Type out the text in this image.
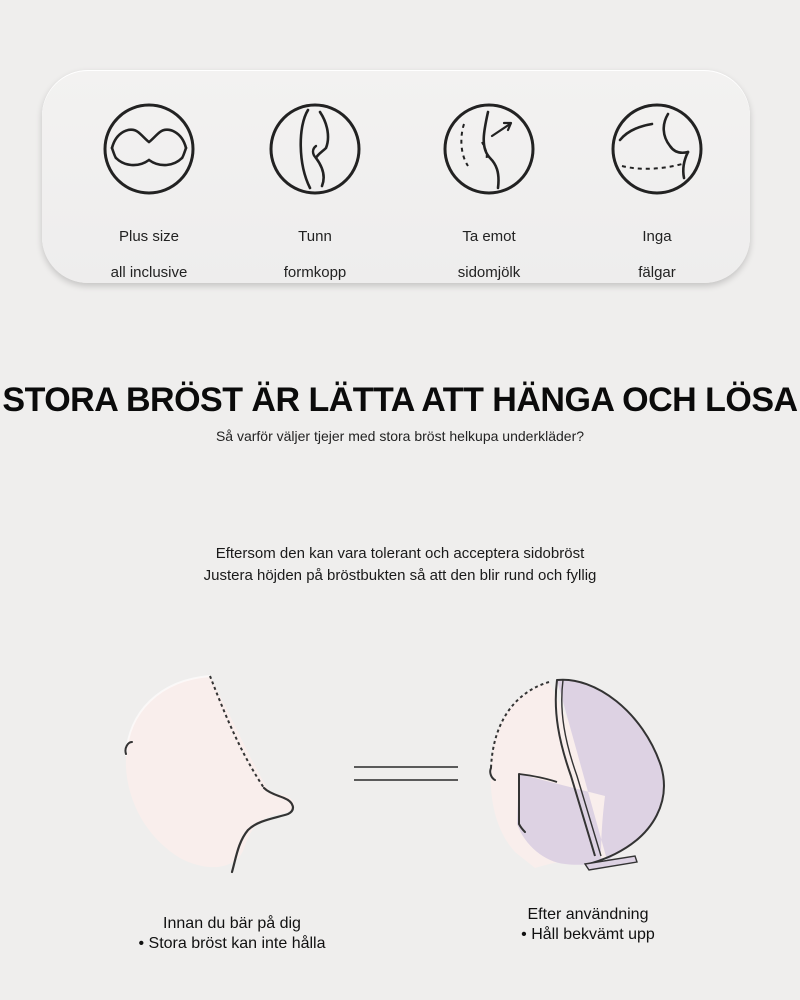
Plus size

all inclusive

Tunn

formkopp

Ta emot

sidomjölk

Inga

fälgar

STORA BRÖST ÄR LÄTTA ATT HÄNGA OCH LÖSA
Så varför väljer tjejer med stora bröst helkupa underkläder?
Eftersom den kan vara tolerant och acceptera sidobröst
Justera höjden på bröstbukten så att den blir rund och fyllig
Innan du bär på dig
• Stora bröst kan inte hålla
Efter användning
• Håll bekvämt upp
